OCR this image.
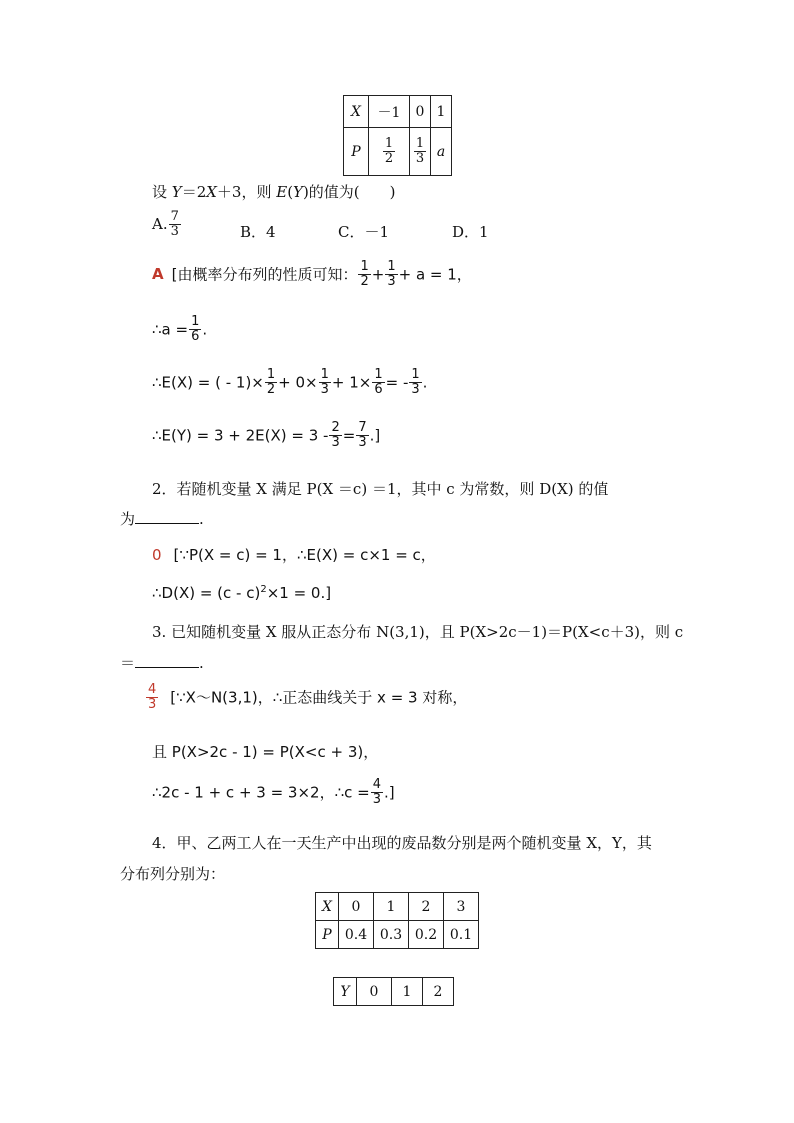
X	－1	0	1
P	$\frac{1}{2}$	$\frac{1}{3}$	a
设 Y＝2X＋3，则 E(Y)的值为(　　)
A. $\frac{7}{3}$	B．4	C．－1	D．1
A [由概率分布列的性质可知： $\frac{1}{2} + \frac{1}{3} + a = 1$，
∴a = $\frac{1}{6}$ .
∴E(X) = ( - $1)\times \frac{1}{2} + 0\times \frac{1}{3} + 1\times \frac{1}{6}$ = - $\frac{1}{3}$ .
∴E(Y) = $3 + 2E(X) = 3 - \frac{2}{3} = \frac{7}{3}$ .]
2．若随机变量 X 满足 P(X ＝c) ＝1，其中 c 为常数，则 D(X) 的值
为	.
0 [∵P(X = c) = 1，∴E(X) = c×1 = c，
∴D(X) = (c - c)$^2$×1 = 0.]
3. 已知随机变量 X 服从正态分布 N(3,1)，且 P(X>2c－1)＝P(X<c＋3)，则 c
＝	.
$\frac{4}{3}$ [∵X～N(3,1)，∴正态曲线关于 x = 3 对称，
且 P(X>2c - 1) = P(X<c + 3)，
∴2c - 1 + c + 3 = 3×2，∴c = $\frac{4}{3}$ .]
4．甲、乙两工人在一天生产中出现的废品数分别是两个随机变量 X，Y，其
分布列分别为：
X	0	1	2	3
P	0.4	0.3	0.2	0.1
Y	0	1	2
